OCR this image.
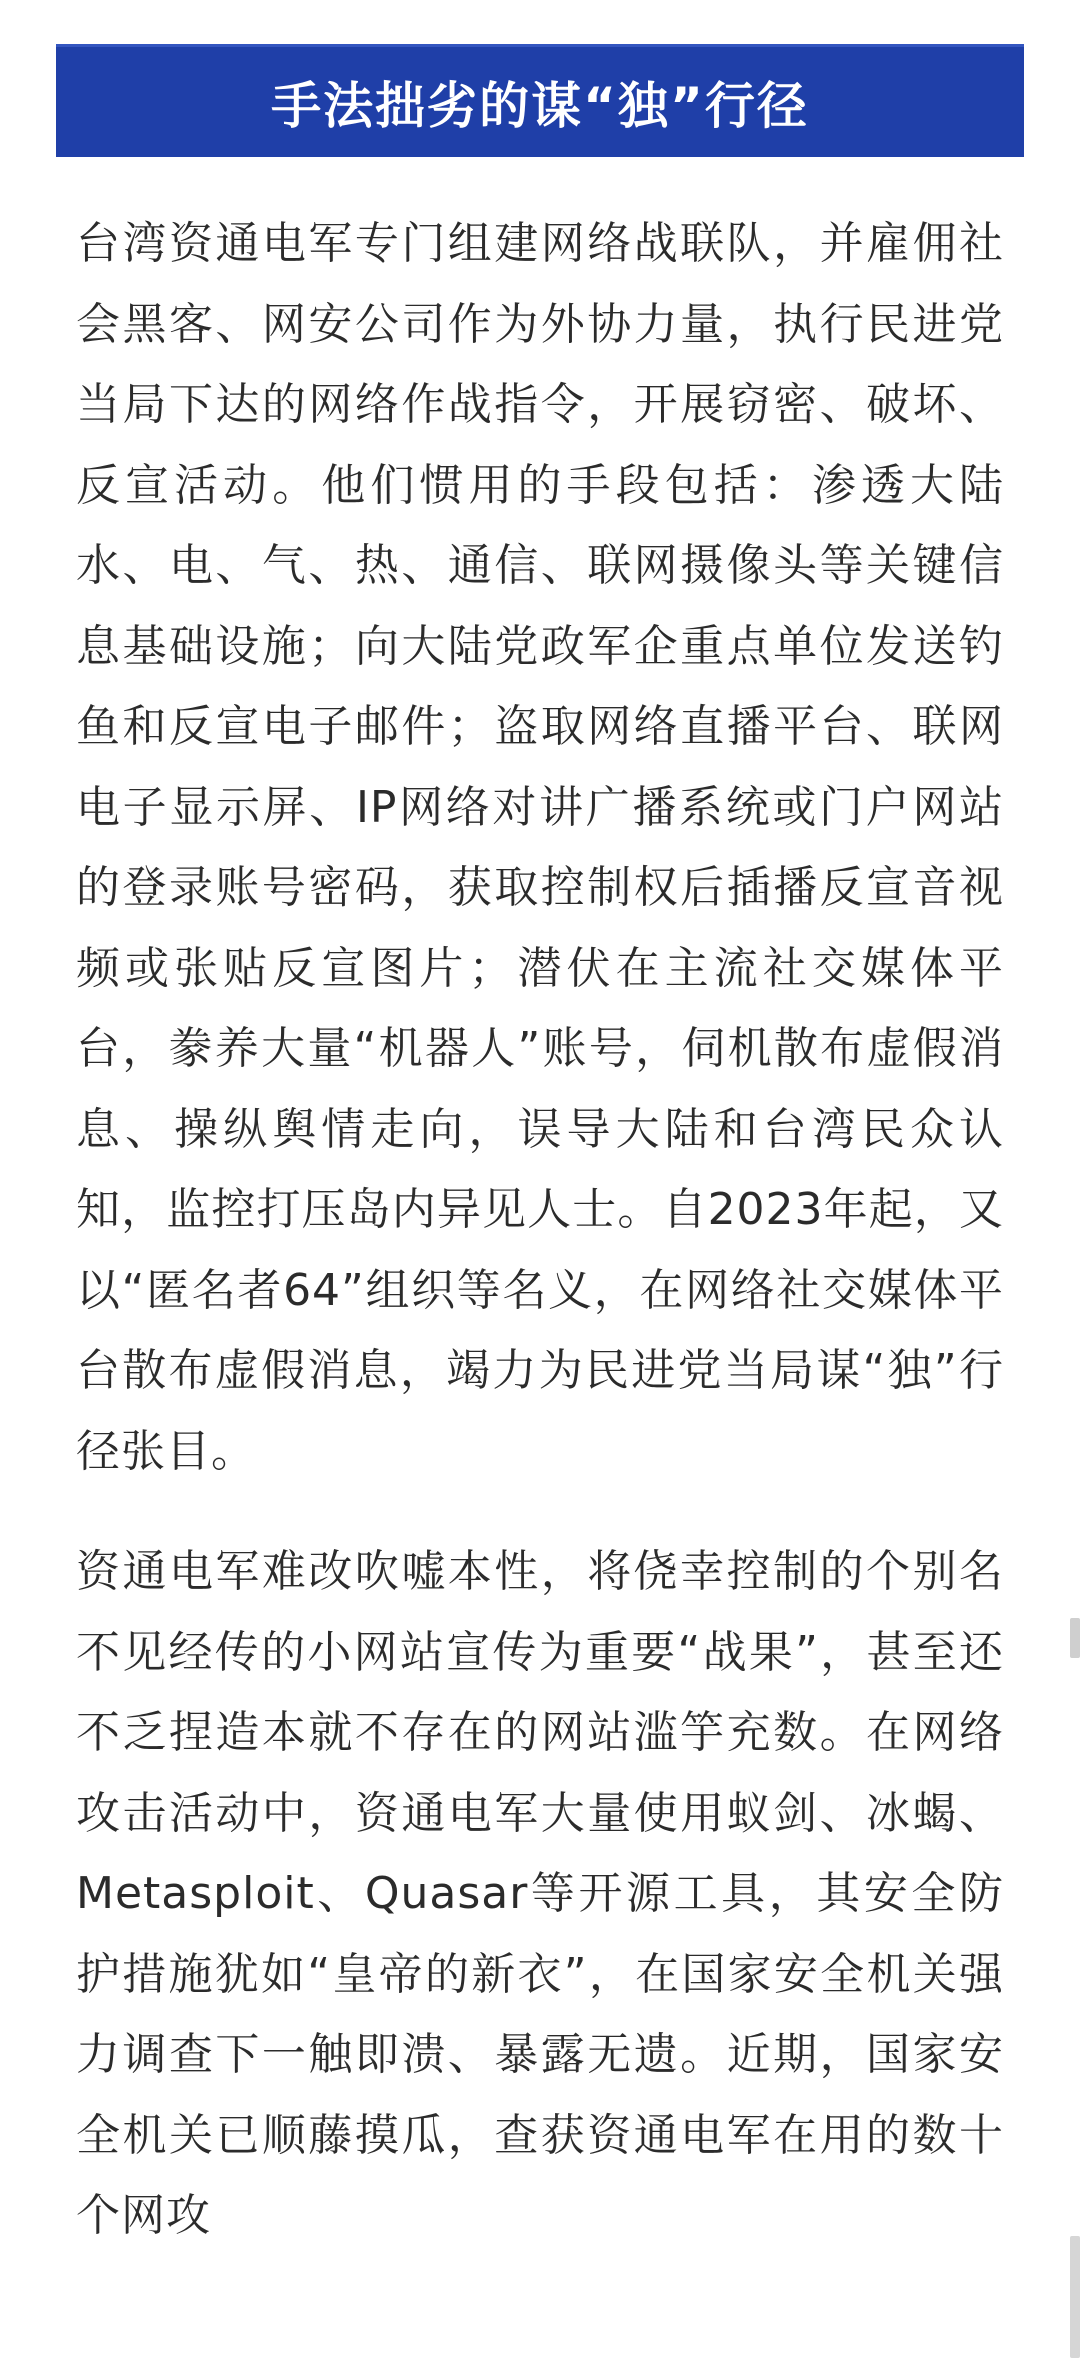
手法拙劣的谋“独”行径

台湾资通电军专门组建网络战联队，并雇佣社会黑客、网安公司作为外协力量，执行民进党当局下达的网络作战指令，开展窃密、破坏、反宣活动。他们惯用的手段包括：渗透大陆水、电、气、热、通信、联网摄像头等关键信息基础设施；向大陆党政军企重点单位发送钓鱼和反宣电子邮件；盗取网络直播平台、联网电子显示屏、IP网络对讲广播系统或门户网站的登录账号密码，获取控制权后插播反宣音视频或张贴反宣图片；潜伏在主流社交媒体平台，豢养大量“机器人”账号，伺机散布虚假消息、操纵舆情走向，误导大陆和台湾民众认知，监控打压岛内异见人士。自2023年起，又以“匿名者64”组织等名义，在网络社交媒体平台散布虚假消息，竭力为民进党当局谋“独”行径张目。

资通电军难改吹嘘本性，将侥幸控制的个别名不见经传的小网站宣传为重要“战果”，甚至还不乏捏造本就不存在的网站滥竽充数。在网络攻击活动中，资通电军大量使用蚁剑、冰蝎、Metasploit、Quasar等开源工具，其安全防护措施犹如“皇帝的新衣”，在国家安全机关强力调查下一触即溃、暴露无遗。近期，国家安全机关已顺藤摸瓜，查获资通电军在用的数十个网攻
